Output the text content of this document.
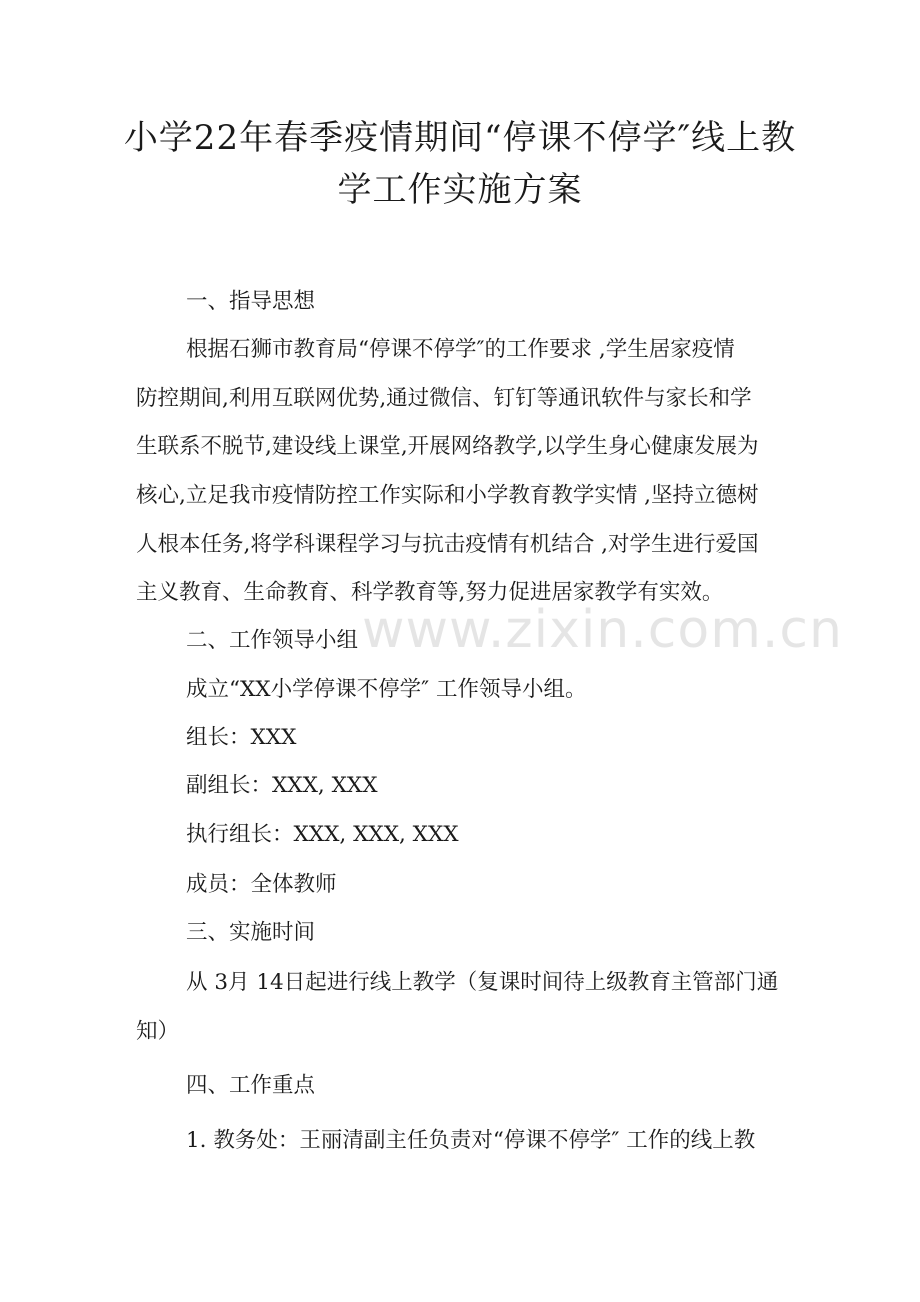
小学22年春季疫情期间“停课不停学″线上教
学工作实施方案
一、指导思想
根据石狮市教育局“停课不停学″的工作要求 ,学生居家疫情
防控期间,利用互联网优势,通过微信、钉钉等通讯软件与家长和学
生联系不脱节,建设线上课堂,开展网络教学,以学生身心健康发展为
核心,立足我市疫情防控工作实际和小学教育教学实情 ,坚持立德树
人根本任务,将学科课程学习与抗击疫情有机结合 ,对学生进行爱国
主义教育、生命教育、科学教育等,努力促进居家教学有实效。
二、工作领导小组
成立“XX小学停课不停学″ 工作领导小组。
组长：XXX
副组长：XXX, XXX
执行组长：XXX, XXX, XXX
成员：全体教师
三、实施时间
从 3月 14日起进行线上教学（复课时间待上级教育主管部门通
知）
四、工作重点
1. 教务处：王丽清副主任负责对“停课不停学″ 工作的线上教
www.zixin.com.cn
